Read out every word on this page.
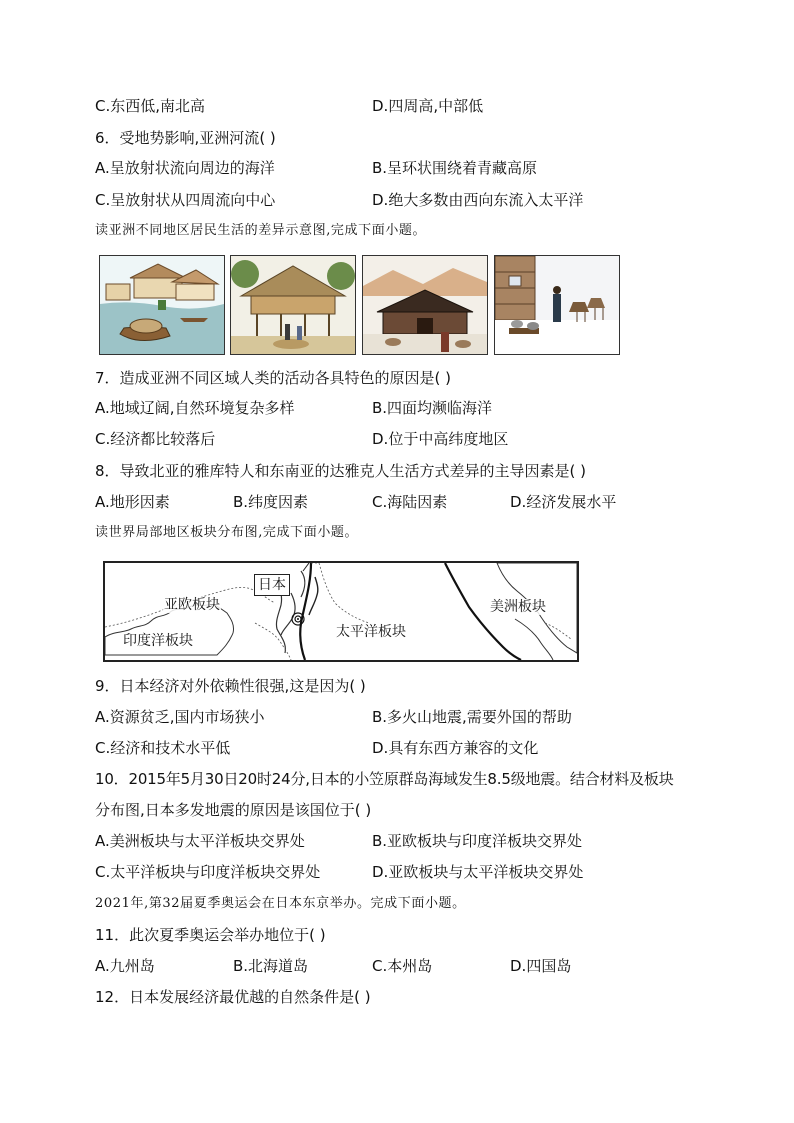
C.东西低,南北高	D.四周高,中部低
6．受地势影响,亚洲河流( )
A.呈放射状流向周边的海洋	B.呈环状围绕着青藏高原
C.呈放射状从四周流向中心	D.绝大多数由西向东流入太平洋
读亚洲不同地区居民生活的差异示意图,完成下面小题。
7．造成亚洲不同区域人类的活动各具特色的原因是( )
A.地域辽阔,自然环境复杂多样	B.四面均濒临海洋
C.经济都比较落后	D.位于中高纬度地区
8．导致北亚的雅库特人和东南亚的达雅克人生活方式差异的主导因素是( )
A.地形因素	B.纬度因素	C.海陆因素	D.经济发展水平
读世界局部地区板块分布图,完成下面小题。
日本
亚欧板块
印度洋板块
太平洋板块
美洲板块
9．日本经济对外依赖性很强,这是因为( )
A.资源贫乏,国内市场狭小	B.多火山地震,需要外国的帮助
C.经济和技术水平低	D.具有东西方兼容的文化
10．2015年5月30日20时24分,日本的小笠原群岛海域发生8.5级地震。结合材料及板块
分布图,日本多发地震的原因是该国位于( )
A.美洲板块与太平洋板块交界处	B.亚欧板块与印度洋板块交界处
C.太平洋板块与印度洋板块交界处	D.亚欧板块与太平洋板块交界处
2021年,第32届夏季奥运会在日本东京举办。完成下面小题。
11．此次夏季奥运会举办地位于( )
A.九州岛	B.北海道岛	C.本州岛	D.四国岛
12．日本发展经济最优越的自然条件是( )
